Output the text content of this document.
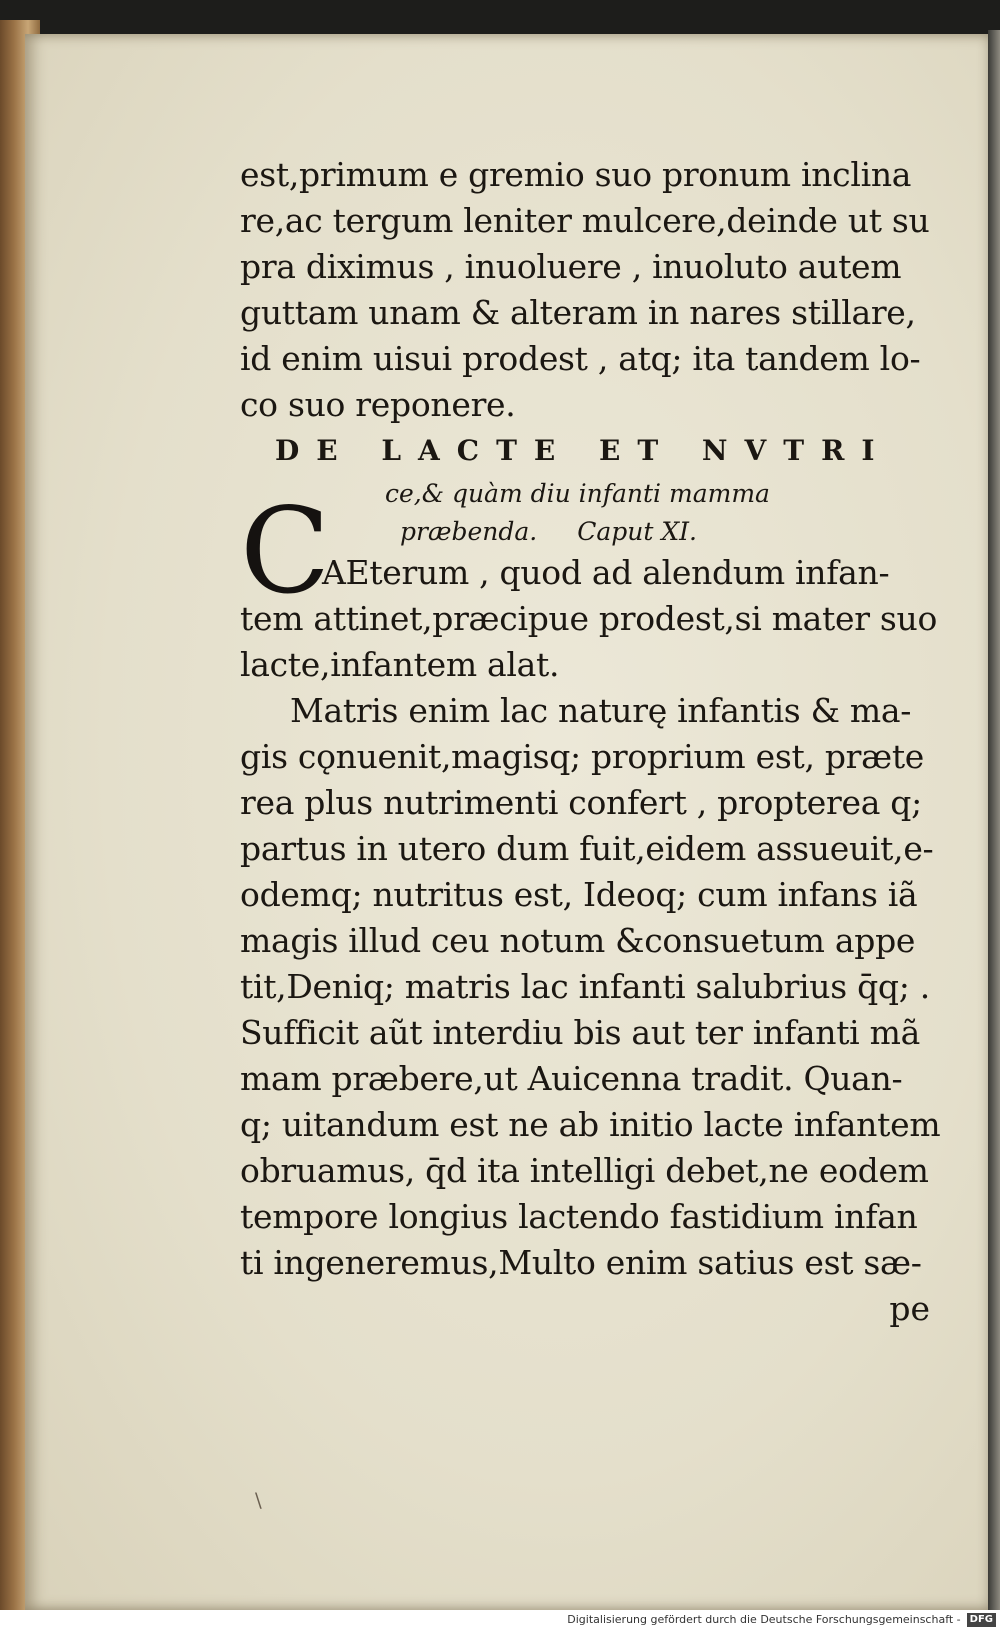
\
est,primum e gremio suo pronum inclina
re,ac tergum leniter mulcere,deinde ut su
pra diximus , inuoluere , inuoluto autem
guttam unam & alteram in nares stillare,
id enim uisui prodest , atq; ita tandem lo-
co suo reponere.
DE LACTE ET NVTRI
ce,& quàm diu infanti mamma
præbenda. Caput XI.
C
AEterum , quod ad alendum infan-
tem attinet,præcipue prodest,si mater suo
lacte,infantem alat.
Matris enim lac naturę infantis & ma-
gis cǫnuenit,magisq; proprium est, præte
rea plus nutrimenti confert , propterea q;
partus in utero dum fuit,eidem assueuit,e-
odemq; nutritus est, Ideoq; cum infans iã
magis illud ceu notum &consuetum appe
tit,Deniq; matris lac infanti salubrius q̄q; .
Sufficit aũt interdiu bis aut ter infanti mã
mam præbere,ut Auicenna tradit. Quan-
q; uitandum est ne ab initio lacte infantem
obruamus, q̄d ita intelligi debet,ne eodem
tempore longius lactendo fastidium infan
ti ingeneremus,Multo enim satius est sæ-
pe
Digitalisierung gefördert durch die Deutsche Forschungsgemeinschaft - DFG
